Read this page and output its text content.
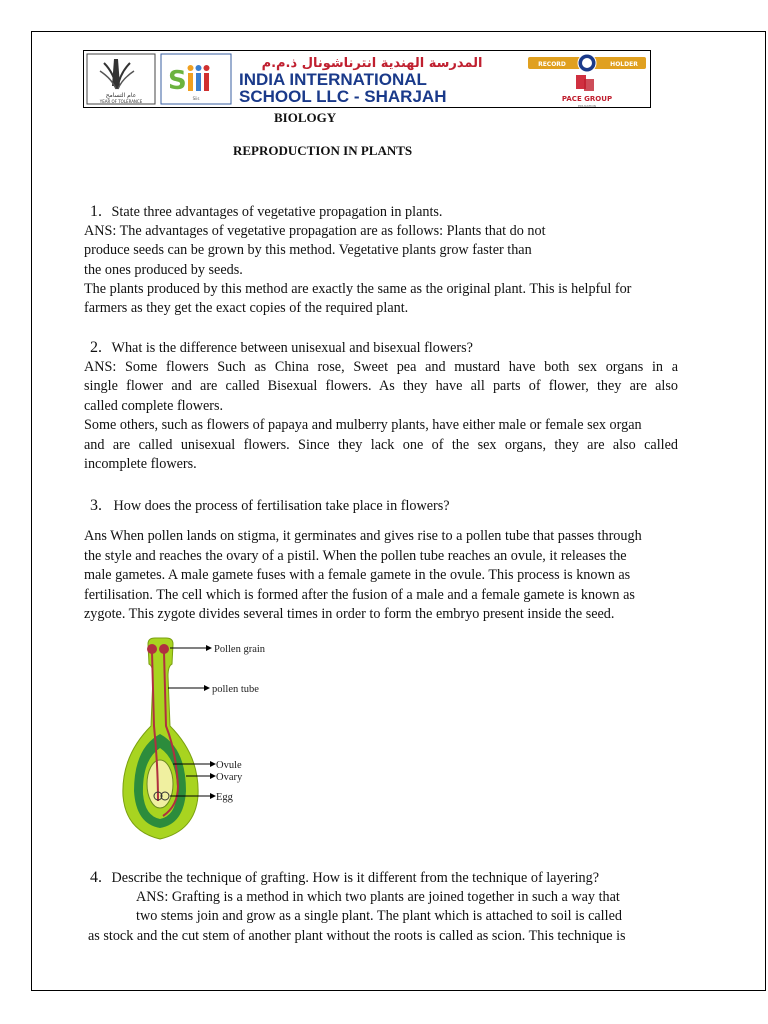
عام التسامح
YEAR OF TOLERANCE
S
Siis
المدرسة الهندية انترناشونال ذ.م.م
INDIA INTERNATIONAL
SCHOOL LLC - SHARJAH
RECORD	HOLDER
PACE GROUP
EDUCATION
BIOLOGY
REPRODUCTION IN PLANTS
1. State three advantages of vegetative propagation in plants.
ANS: The advantages of vegetative propagation are as follows: Plants that do not
produce seeds can be grown by this method. Vegetative plants grow faster than
the ones produced by seeds.
The plants produced by this method are exactly the same as the original plant. This is helpful for
farmers as they get the exact copies of the required plant.
2. What is the difference between unisexual and bisexual flowers?
ANS: Some flowers Such as China rose, Sweet pea and mustard have both sex organs in a
single flower and are called Bisexual flowers. As they have all parts of flower, they are also
called complete flowers.
Some others, such as flowers of papaya and mulberry plants, have either male or female sex organ
and are called unisexual flowers. Since they lack one of the sex organs, they are also called
incomplete flowers.
3. How does the process of fertilisation take place in flowers?
Ans When pollen lands on stigma, it germinates and gives rise to a pollen tube that passes through
the style and reaches the ovary of a pistil. When the pollen tube reaches an ovule, it releases the
male gametes. A male gamete fuses with a female gamete in the ovule. This process is known as
fertilisation. The cell which is formed after the fusion of a male and a female gamete is known as
zygote. This zygote divides several times in order to form the embryo present inside the seed.
Pollen grain
pollen tube
Ovule
Ovary
Egg
4. Describe the technique of grafting. How is it different from the technique of layering?
ANS: Grafting is a method in which two plants are joined together in such a way that
two stems join and grow as a single plant. The plant which is attached to soil is called
as stock and the cut stem of another plant without the roots is called as scion. This technique is
